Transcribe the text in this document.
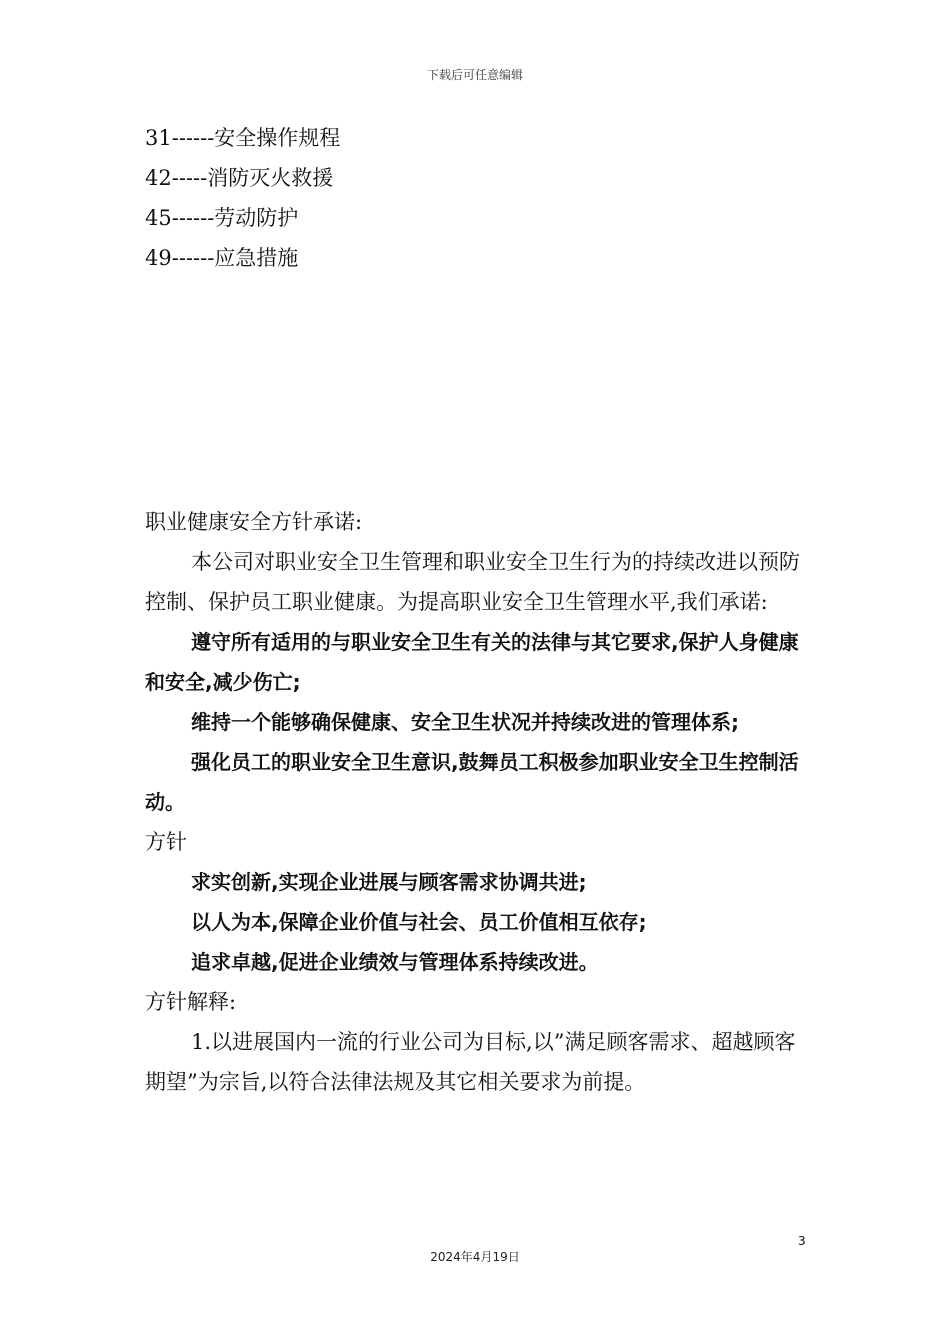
下载后可任意编辑
31------安全操作规程
42-----消防灭火救援
45------劳动防护
49------应急措施

职业健康安全方针承诺:

本公司对职业安全卫生管理和职业安全卫生行为的持续改进以预防控制、保护员工职业健康。为提高职业安全卫生管理水平,我们承诺:

遵守所有适用的与职业安全卫生有关的法律与其它要求,保护人身健康和安全,减少伤亡;

维持一个能够确保健康、安全卫生状况并持续改进的管理体系;

强化员工的职业安全卫生意识,鼓舞员工积极参加职业安全卫生控制活动。

方针

求实创新,实现企业进展与顾客需求协调共进;

以人为本,保障企业价值与社会、员工价值相互依存;

追求卓越,促进企业绩效与管理体系持续改进。

方针解释:

1.以进展国内一流的行业公司为目标,以”满足顾客需求、超越顾客期望”为宗旨,以符合法律法规及其它相关要求为前提。

3
2024年4月19日
